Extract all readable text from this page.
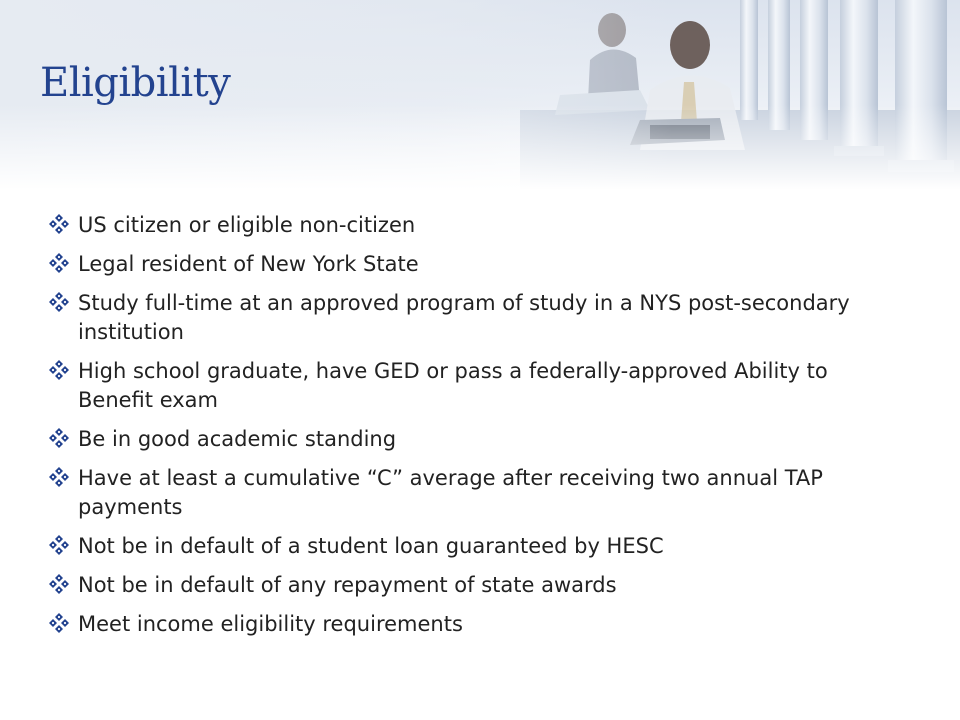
Eligibility
US citizen or eligible non-citizen
Legal resident of New York State
Study full-time at an approved program of study in a NYS post-secondary institution
High school graduate, have GED or pass a federally-approved Ability to Benefit exam
Be in good academic standing
Have at least a cumulative “C” average after receiving two annual TAP payments
Not be in default of a student loan guaranteed by HESC
Not be in default of any repayment of state awards
Meet income eligibility requirements
